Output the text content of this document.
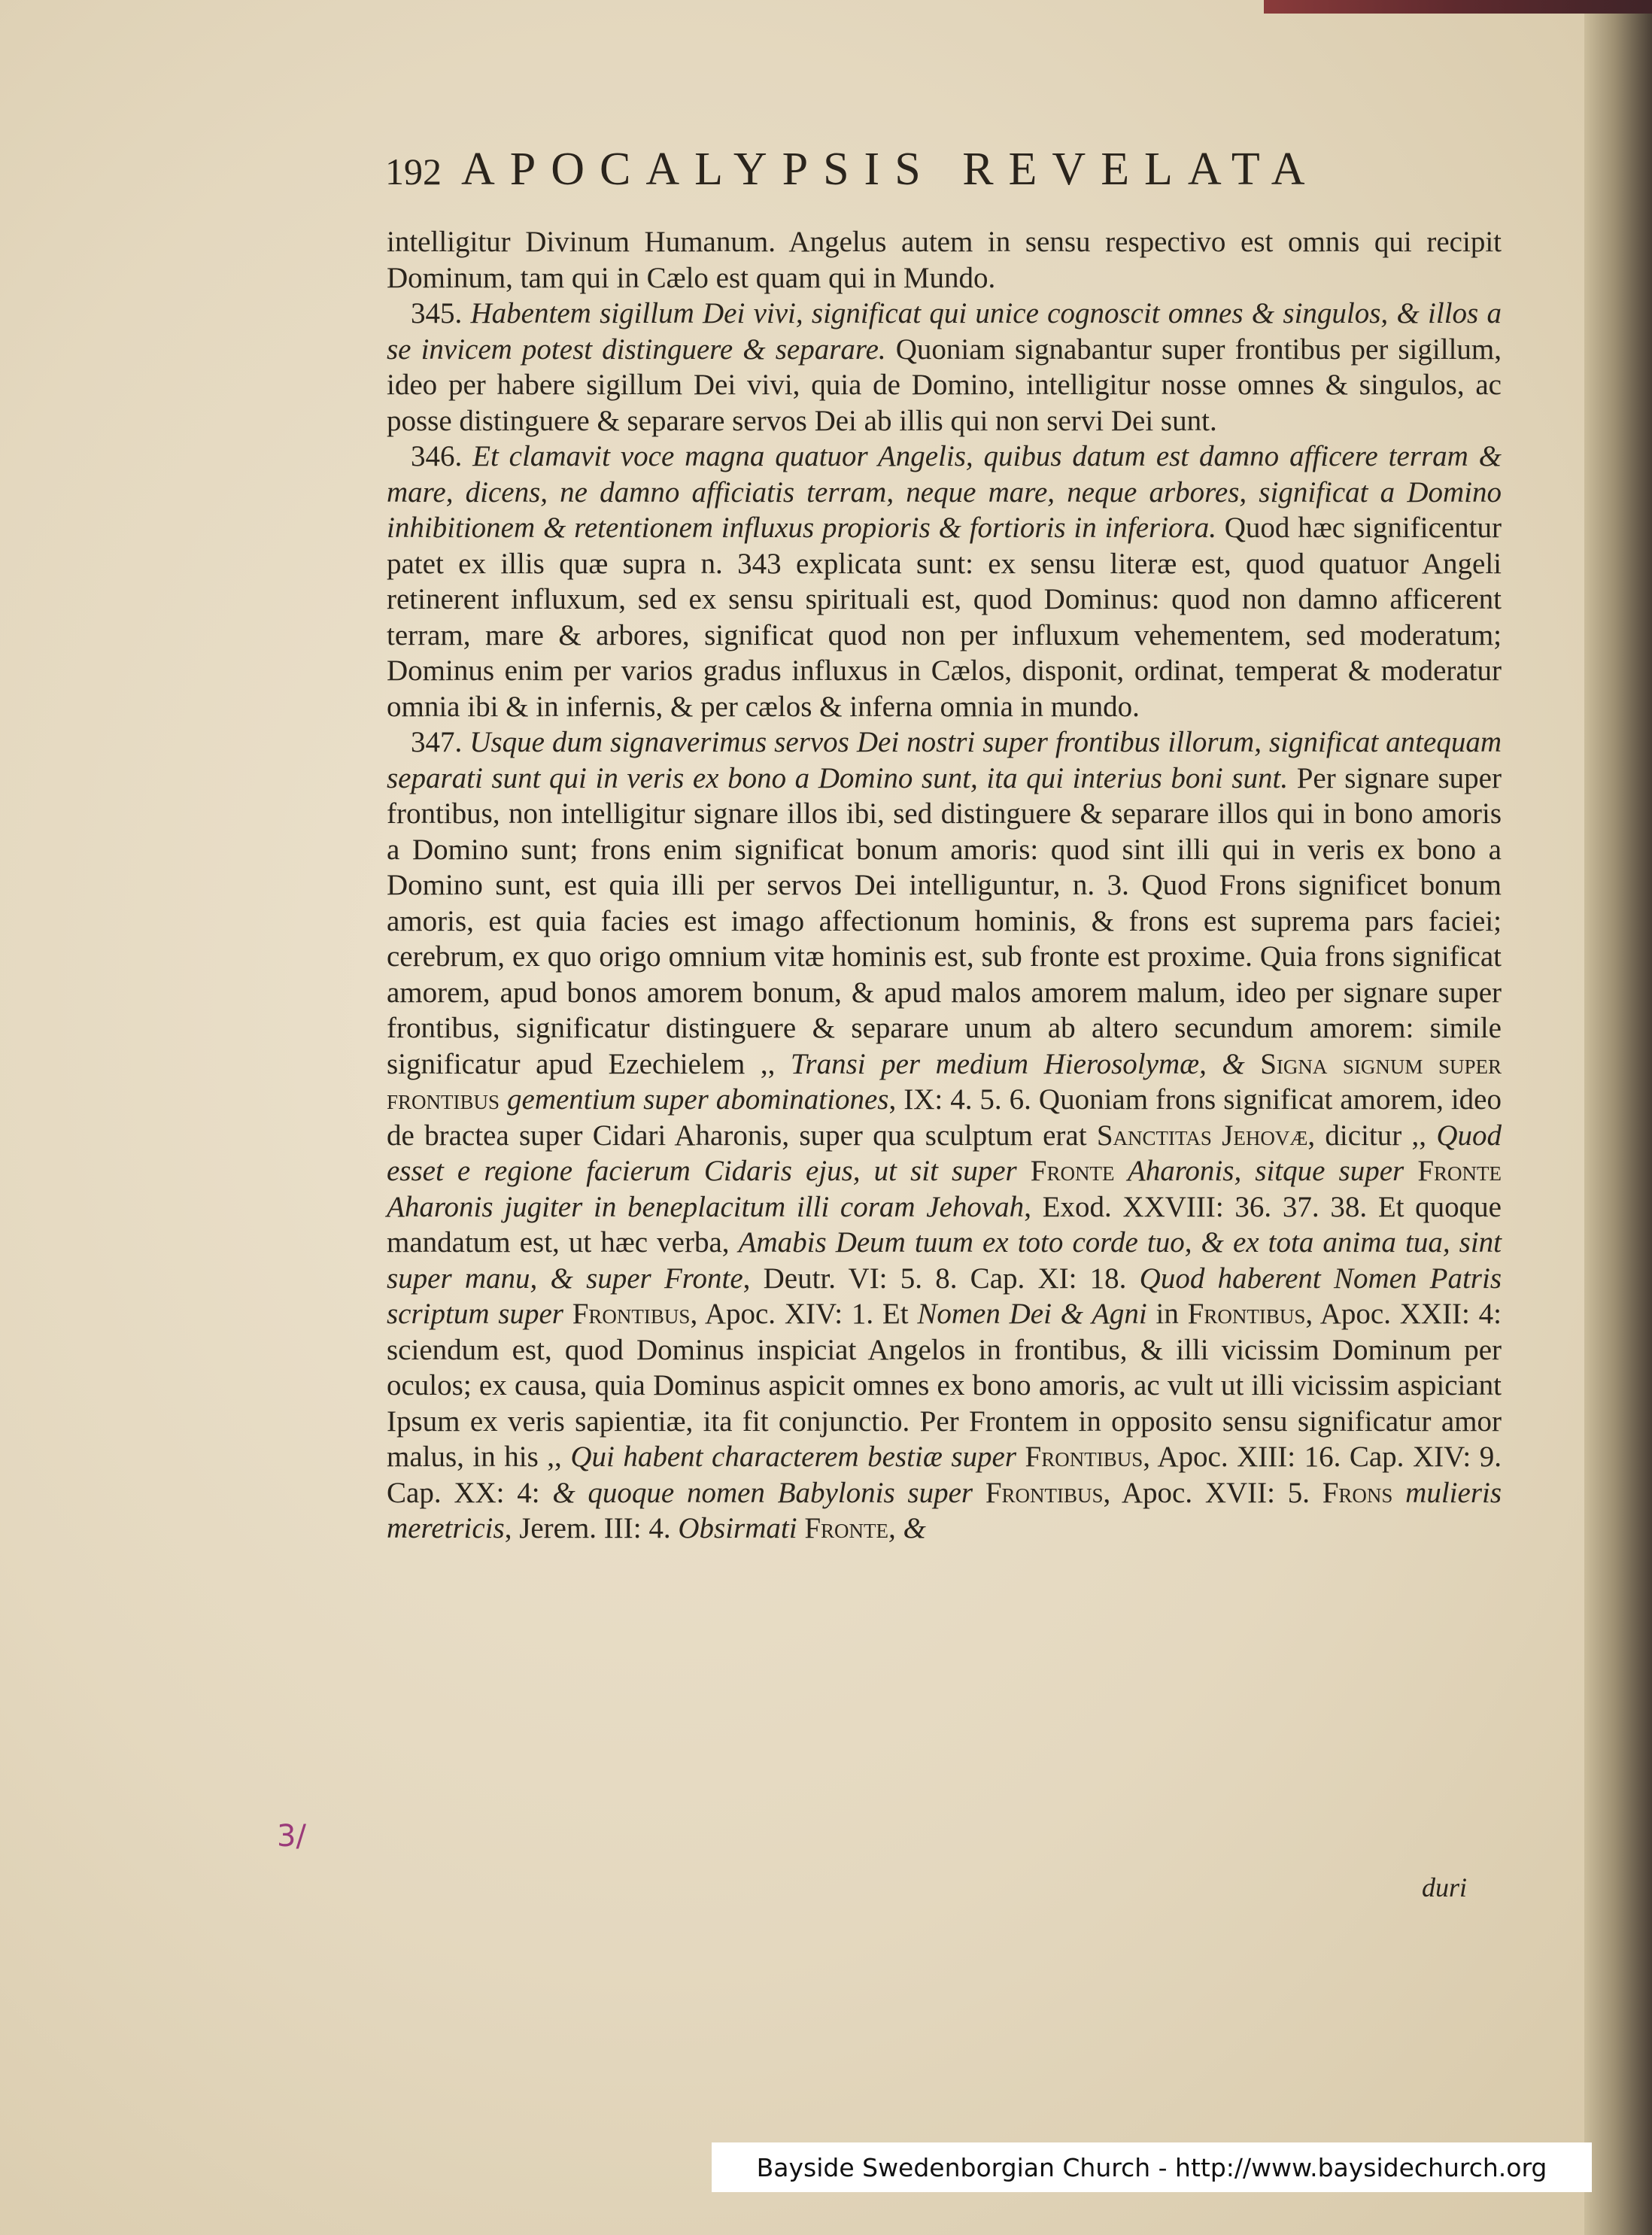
192 APOCALYPSIS REVELATA

intelligitur Divinum Humanum. Angelus autem in sensu respectivo est omnis qui recipit Dominum, tam qui in Cælo est quam qui in Mundo.

345. Habentem sigillum Dei vivi, significat qui unice cognoscit omnes & singulos, & illos a se invicem potest distinguere & separare. Quoniam signabantur super frontibus per sigillum, ideo per habere sigillum Dei vivi, quia de Domino, intelligitur nosse omnes & singulos, ac posse distinguere & separare servos Dei ab illis qui non servi Dei sunt.

346. Et clamavit voce magna quatuor Angelis, quibus datum est damno afficere terram & mare, dicens, ne damno afficiatis terram, neque mare, neque arbores, significat a Domino inhibitionem & retentionem influxus propioris & fortioris in inferiora. Quod hæc significentur patet ex illis quæ supra n. 343 explicata sunt: ex sensu literæ est, quod quatuor Angeli retinerent influxum, sed ex sensu spirituali est, quod Dominus: quod non damno afficerent terram, mare & arbores, significat quod non per influxum vehementem, sed moderatum; Dominus enim per varios gradus influxus in Cælos, disponit, ordinat, temperat & moderatur omnia ibi & in infernis, & per cælos & inferna omnia in mundo.

347. Usque dum signaverimus servos Dei nostri super frontibus illorum, significat antequam separati sunt qui in veris ex bono a Domino sunt, ita qui interius boni sunt. Per signare super frontibus, non intelligitur signare illos ibi, sed distinguere & separare illos qui in bono amoris a Domino sunt; frons enim significat bonum amoris: quod sint illi qui in veris ex bono a Domino sunt, est quia illi per servos Dei intelliguntur, n. 3. Quod Frons significet bonum amoris, est quia facies est imago affectionum hominis, & frons est suprema pars faciei; cerebrum, ex quo origo omnium vitæ hominis est, sub fronte est proxime. Quia frons significat amorem, apud bonos amorem bonum, & apud malos amorem malum, ideo per signare super frontibus, significatur distinguere & separare unum ab altero secundum amorem: simile significatur apud Ezechielem ,, Transi per medium Hierosolymæ, & Signa signum super frontibus gementium super abominationes, IX: 4. 5. 6. Quoniam frons significat amorem, ideo de bractea super Cidari Aharonis, super qua sculptum erat Sanctitas Jehovæ, dicitur ,, Quod esset e regione facierum Cidaris ejus, ut sit super Fronte Aharonis, sitque super Fronte Aharonis jugiter in beneplacitum illi coram Jehovah, Exod. XXVIII: 36. 37. 38. Et quoque mandatum est, ut hæc verba, Amabis Deum tuum ex toto corde tuo, & ex tota anima tua, sint super manu, & super Fronte, Deutr. VI: 5. 8. Cap. XI: 18. Quod haberent Nomen Patris scriptum super Frontibus, Apoc. XIV: 1. Et Nomen Dei & Agni in Frontibus, Apoc. XXII: 4: sciendum est, quod Dominus inspiciat Angelos in frontibus, & illi vicissim Dominum per oculos; ex causa, quia Dominus aspicit omnes ex bono amoris, ac vult ut illi vicissim aspiciant Ipsum ex veris sapientiæ, ita fit conjunctio. Per Frontem in opposito sensu significatur amor malus, in his ,, Qui habent characterem bestiæ super Frontibus, Apoc. XIII: 16. Cap. XIV: 9. Cap. XX: 4: & quoque nomen Babylonis super Frontibus, Apoc. XVII: 5. Frons mulieris meretricis, Jerem. III: 4. Obsirmati Fronte, &

duri
3/
Bayside Swedenborgian Church - http://www.baysidechurch.org
